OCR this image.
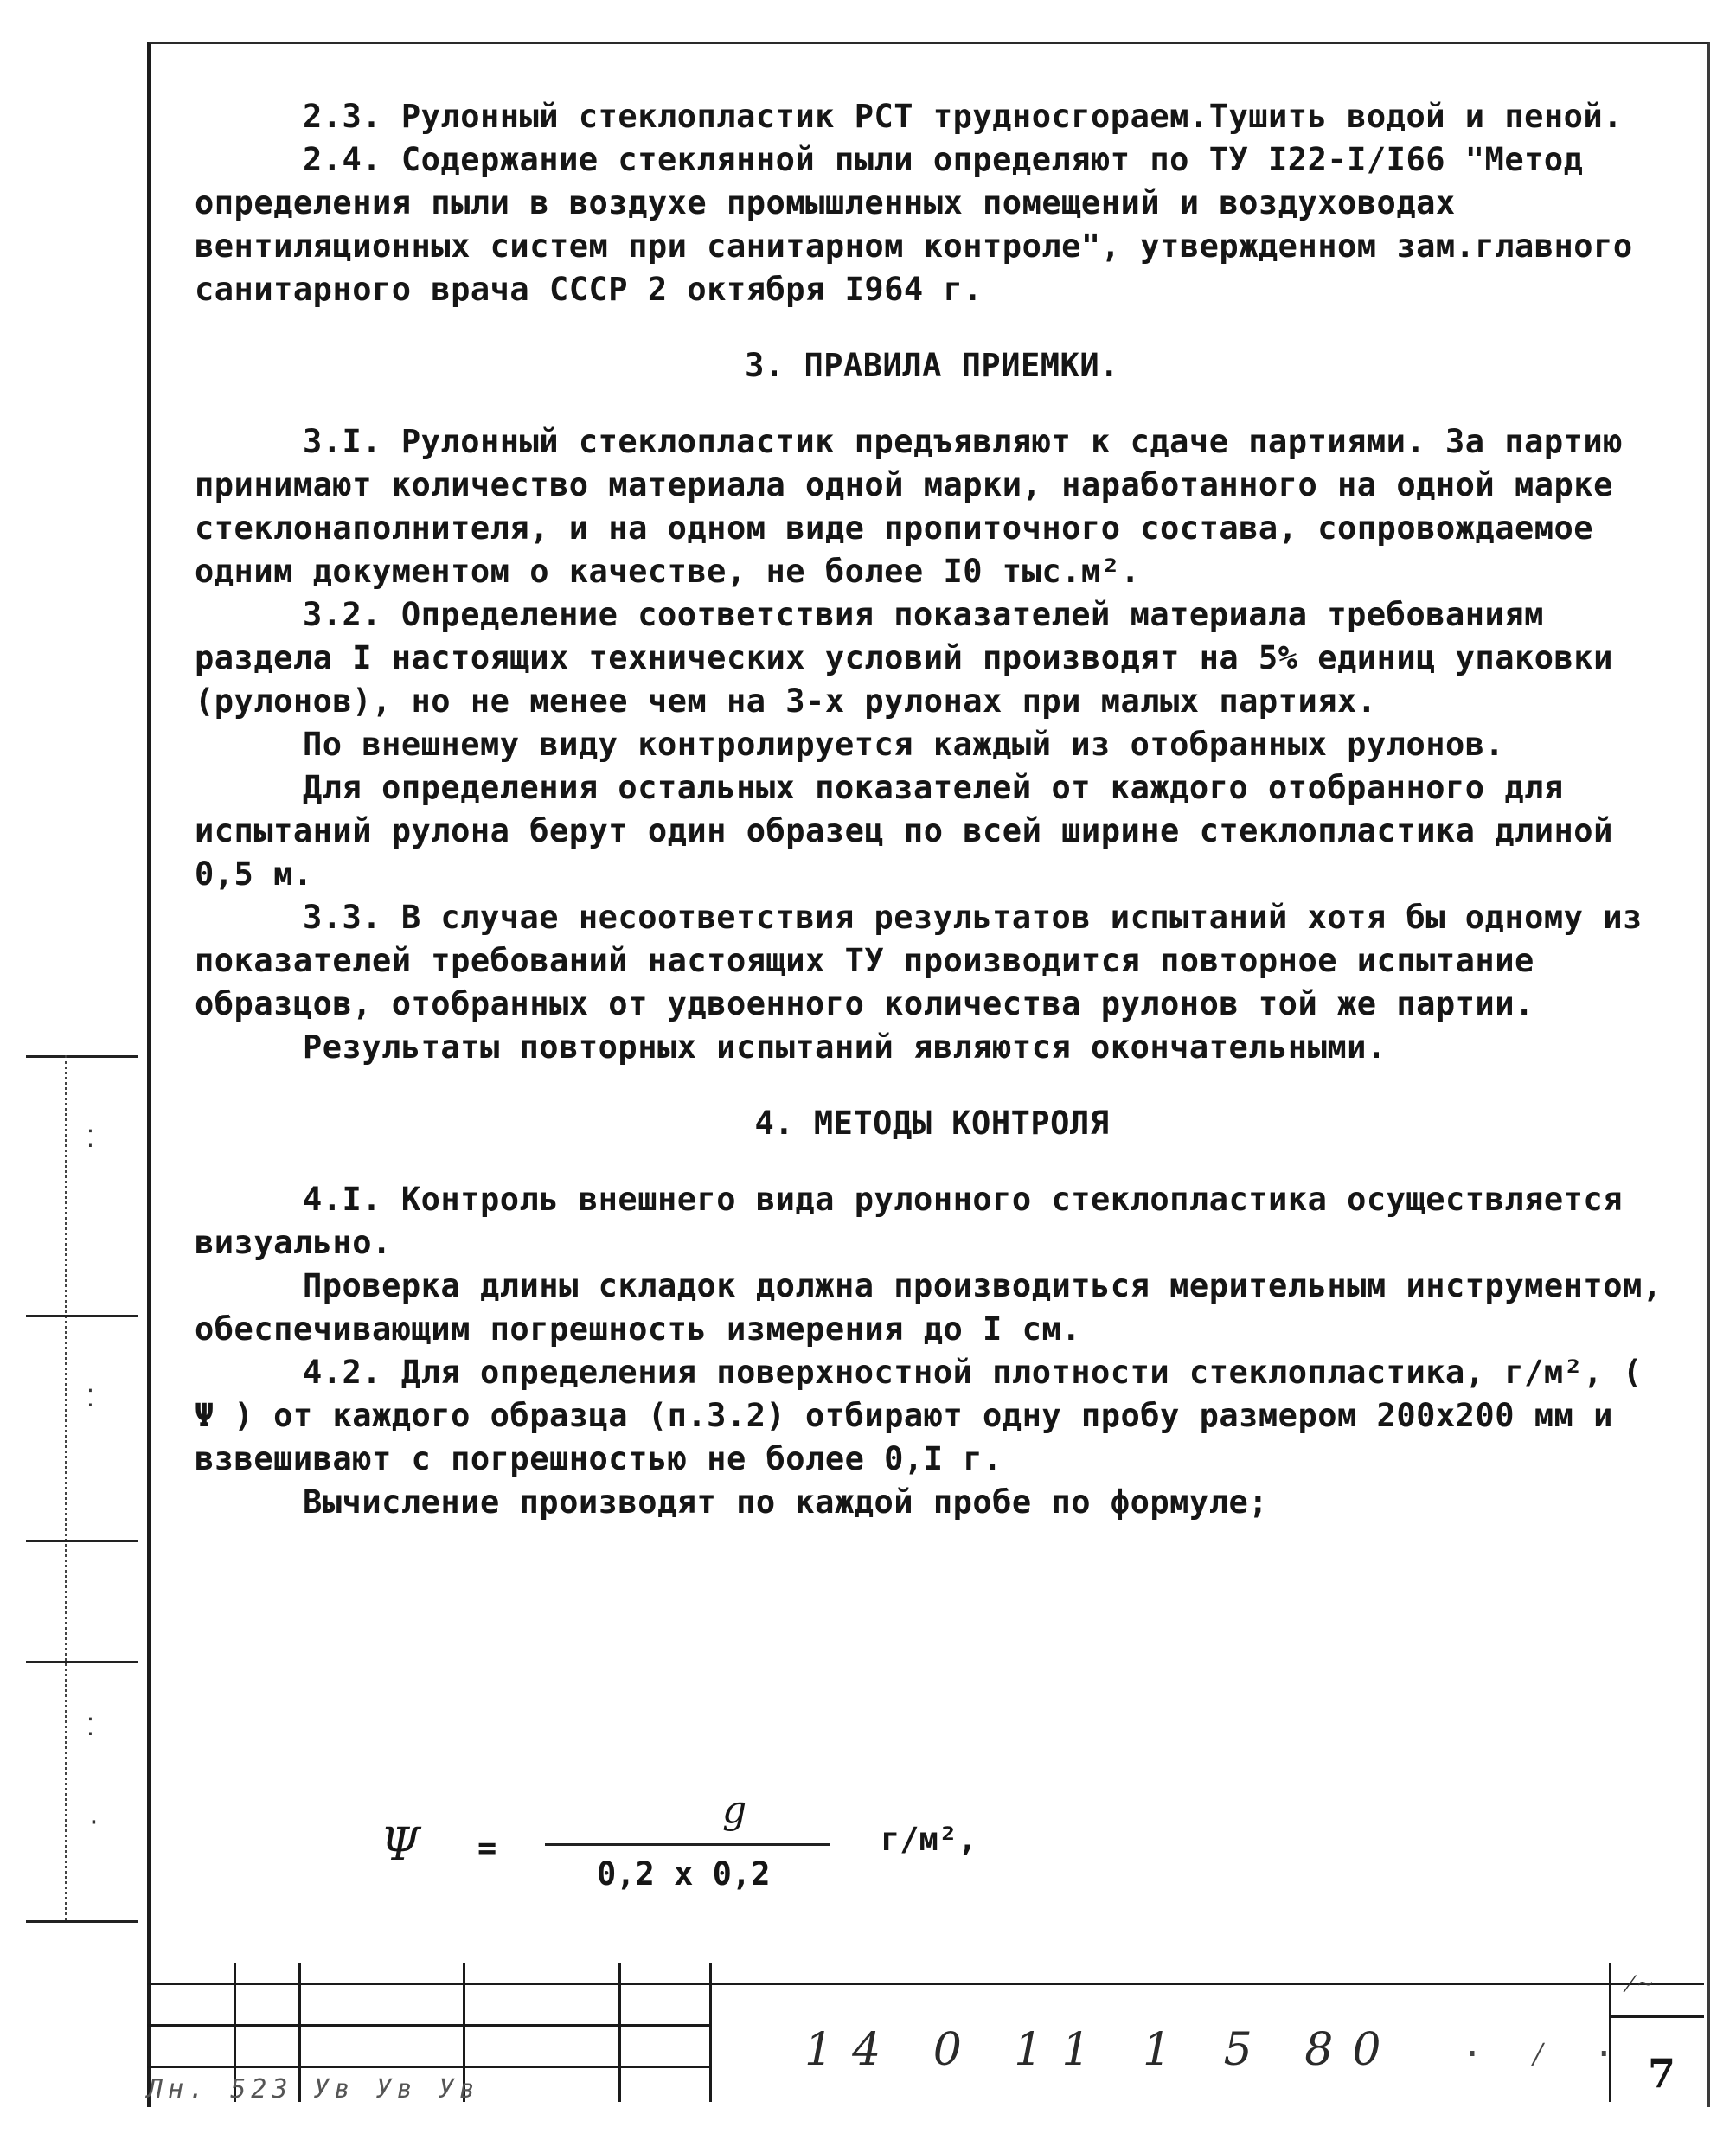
⁚
⁚
⁚
·

2.3. Рулонный стеклопластик РСТ трудносгораем.Тушить водой и пеной.

2.4. Содержание стеклянной пыли определяют по ТУ I22-I/I66 "Метод определения пыли в воздухе промышленных помещений и воздуховодах вентиляционных систем при санитарном контроле", утвержденном зам.главного санитарного врача СССР 2 октября I964 г.

3. ПРАВИЛА ПРИЕМКИ.

3.I. Рулонный стеклопластик предъявляют к сдаче партиями. За партию принимают количество материала одной марки, наработанного на одной марке стеклонаполнителя, и на одном виде пропиточного состава, сопровождаемое одним документом о качестве, не более I0 тыс.м².

3.2. Определение соответствия показателей материала требованиям раздела I настоящих технических условий производят на 5% единиц упаковки (рулонов), но не менее чем на 3-х рулонах при малых партиях.

По внешнему виду контролируется каждый из отобранных рулонов.

Для определения остальных показателей от каждого отобранного для испытаний рулона берут один образец по всей ширине стеклопластика длиной 0,5 м.

3.3. В случае несоответствия результатов испытаний хотя бы одному из показателей требований настоящих ТУ производится повторное испытание образцов, отобранных от удвоенного количества рулонов той же партии.

Результаты повторных испытаний являются окончательными.

4. МЕТОДЫ КОНТРОЛЯ

4.I. Контроль внешнего вида рулонного стеклопластика осуществляется визуально.

Проверка длины складок должна производиться мерительным инструментом, обеспечивающим погрешность измерения до I см.

4.2. Для определения поверхностной плотности стеклопластика, г/м², ( Ψ ) от каждого образца (п.3.2) отбирают одну пробу размером 200х200 мм и взвешивают с погрешностью не более 0,I г.

Вычисление производят по каждой пробе по формуле;

Ψ =
g
0,2 x 0,2
г/м²,
14 0 11 1 5 80 · ⁄ ·
⁄~
7
Лн. 523 Ув Ув Ув
